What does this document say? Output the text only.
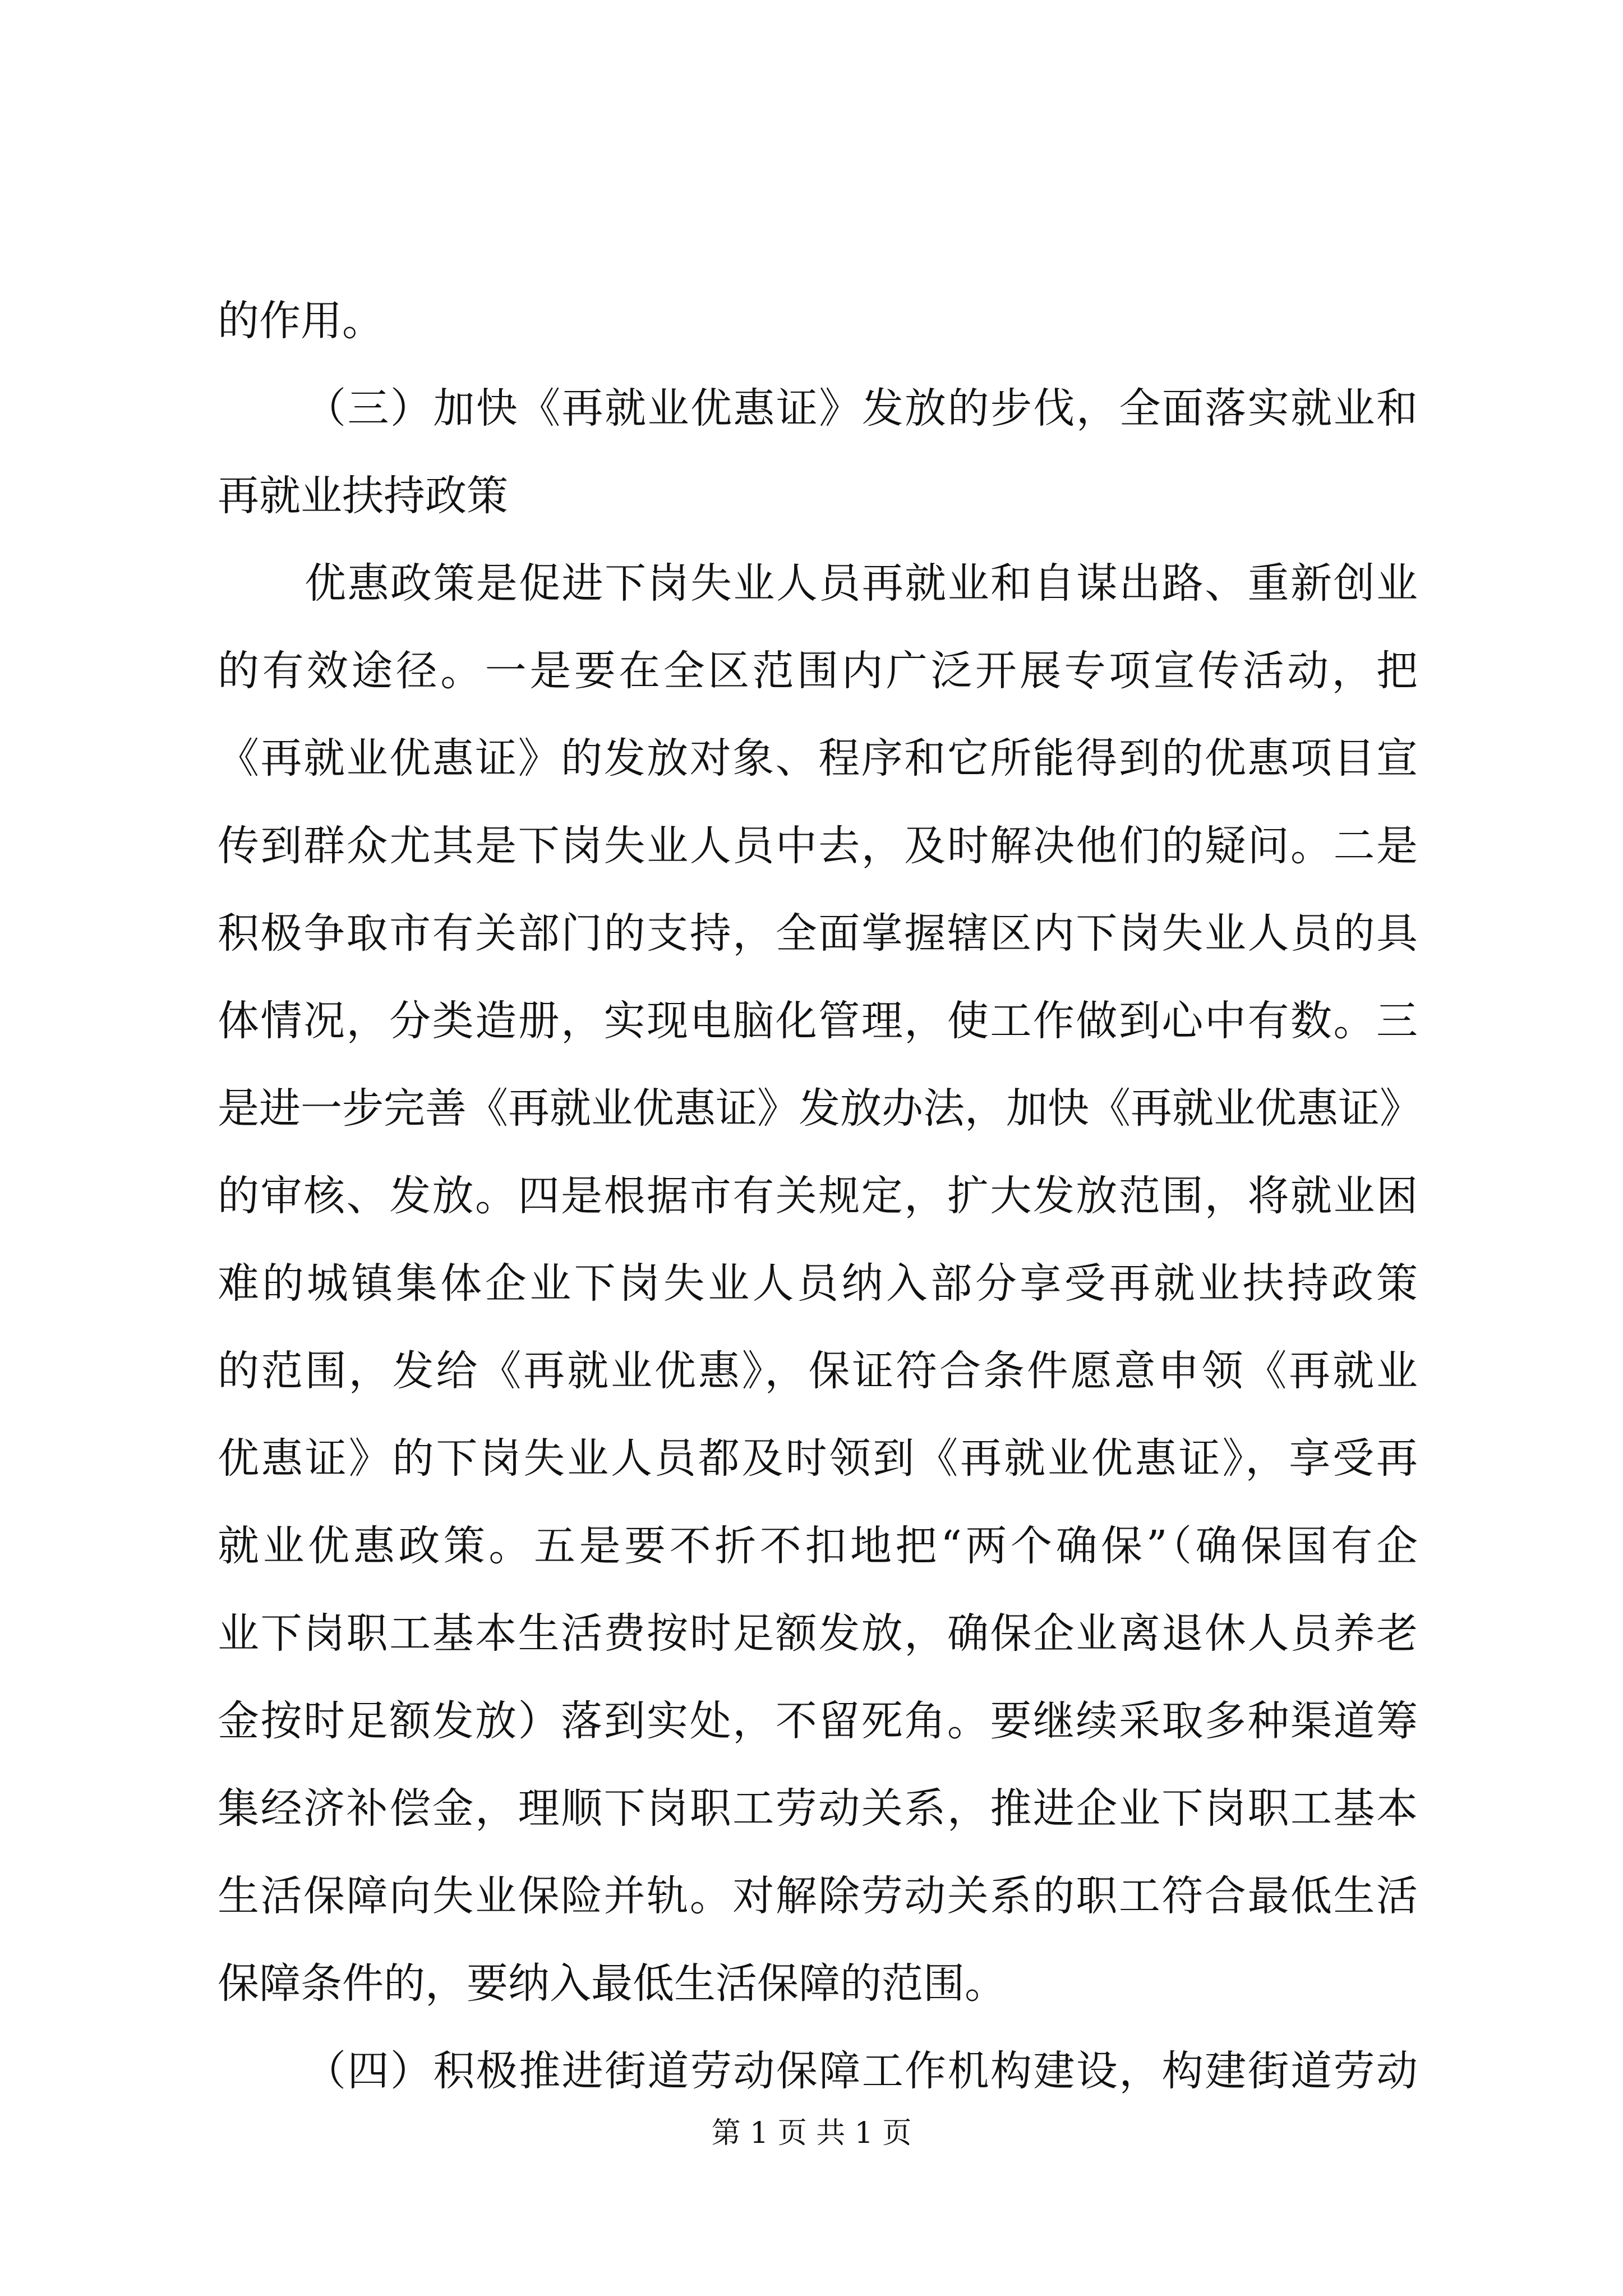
的作用。
（三）加快《再就业优惠证》发放的步伐，全面落实就业和
再就业扶持政策
优惠政策是促进下岗失业人员再就业和自谋出路、重新创业
的有效途径。一是要在全区范围内广泛开展专项宣传活动，把
《再就业优惠证》的发放对象、程序和它所能得到的优惠项目宣
传到群众尤其是下岗失业人员中去，及时解决他们的疑问。二是
积极争取市有关部门的支持，全面掌握辖区内下岗失业人员的具
体情况，分类造册，实现电脑化管理，使工作做到心中有数。三
是进一步完善《再就业优惠证》发放办法，加快《再就业优惠证》
的审核、发放。四是根据市有关规定，扩大发放范围，将就业困
难的城镇集体企业下岗失业人员纳入部分享受再就业扶持政策
的范围，发给《再就业优惠》，保证符合条件愿意申领《再就业
优惠证》的下岗失业人员都及时领到《再就业优惠证》，享受再
就业优惠政策。五是要不折不扣地把“两个确保”（确保国有企
业下岗职工基本生活费按时足额发放，确保企业离退休人员养老
金按时足额发放）落到实处，不留死角。要继续采取多种渠道筹
集经济补偿金，理顺下岗职工劳动关系，推进企业下岗职工基本
生活保障向失业保险并轨。对解除劳动关系的职工符合最低生活
保障条件的，要纳入最低生活保障的范围。
（四）积极推进街道劳动保障工作机构建设，构建街道劳动
第 1 页 共 1 页
